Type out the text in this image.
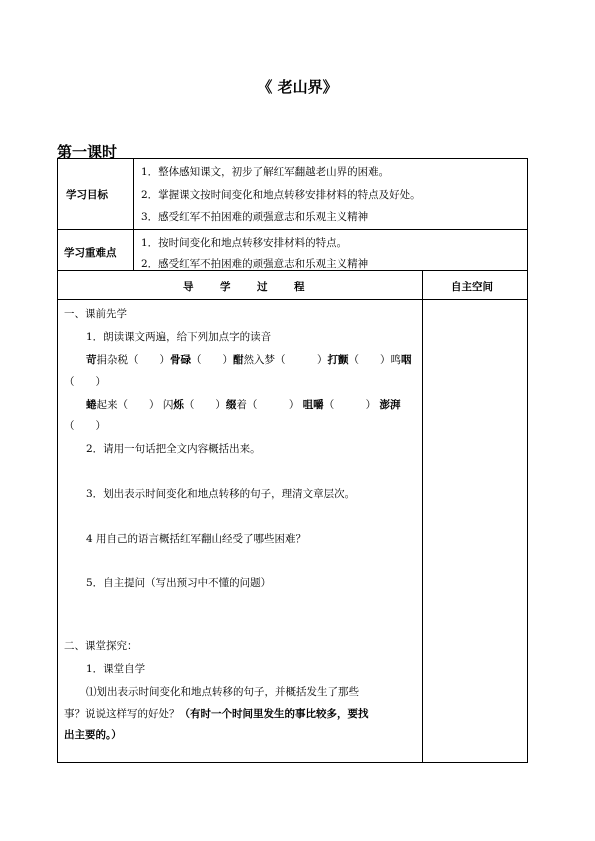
《 老山界》
第一课时
学习目标
1．整体感知课文，初步了解红军翻越老山界的困难。
2．掌握课文按时间变化和地点转移安排材料的特点及好处。
3．感受红军不拍困难的顽强意志和乐观主义精神
学习重难点
1．按时间变化和地点转移安排材料的特点。
2．感受红军不拍困难的顽强意志和乐观主义精神
导　学　过　程	自主空间
一、课前先学
1．朗读课文两遍，给下列加点字的读音
苛捐杂税（　　）骨碌（　　）酣然入梦（　　　）打颤（　　）鸣咽
（　　）
蜷起来（　　） 闪烁（　　）缀着（　　　） 咀嚼（　　　） 澎湃
（　　）
2．请用一句话把全文内容概括出来。
3．划出表示时间变化和地点转移的句子，理清文章层次。
4 用自己的语言概括红军翻山经受了哪些困难？
5．自主提问（写出预习中不懂的问题）
二、课堂探究：
1．课堂自学
⑴划出表示时间变化和地点转移的句子，并概括发生了那些
事？说说这样写的好处？（有时一个时间里发生的事比较多，要找
出主要的。）
